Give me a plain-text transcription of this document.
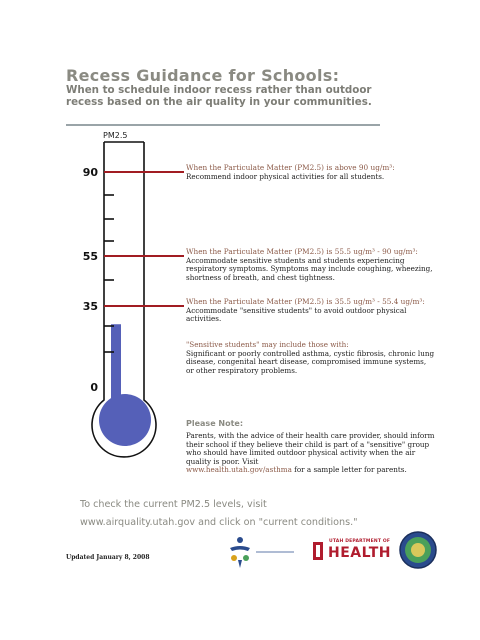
Recess Guidance for Schools:
When to schedule indoor recess rather than outdoor recess based on the air quality in your communities.
PM2.5
90
55
35
0
When the Particulate Matter (PM2.5) is above 90 ug/m³:
Recommend indoor physical activities for all students.
When the Particulate Matter (PM2.5) is 55.5 ug/m³ - 90 ug/m³:
Accommodate sensitive students and students experiencing respiratory symptoms. Symptoms may include coughing, wheezing, shortness of breath, and chest tightness.
When the Particulate Matter (PM2.5) is 35.5 ug/m³ - 55.4 ug/m³:
Accommodate "sensitive students" to avoid outdoor physical activities.
"Sensitive students" may include those with:
Significant or poorly controlled asthma, cystic fibrosis, chronic lung disease, congenital heart disease, compromised immune systems, or other respiratory problems.
Please Note:
Parents, with the advice of their health care provider, should inform their school if they believe their child is part of a "sensitive" group who should have limited outdoor physical activity when the air quality is poor. Visit
www.health.utah.gov/asthma for a sample letter for parents.
To check the current PM2.5 levels, visit
www.airquality.utah.gov and click on "current conditions."
Updated January 8, 2008
UTAH DEPARTMENT OF
HEALTH
